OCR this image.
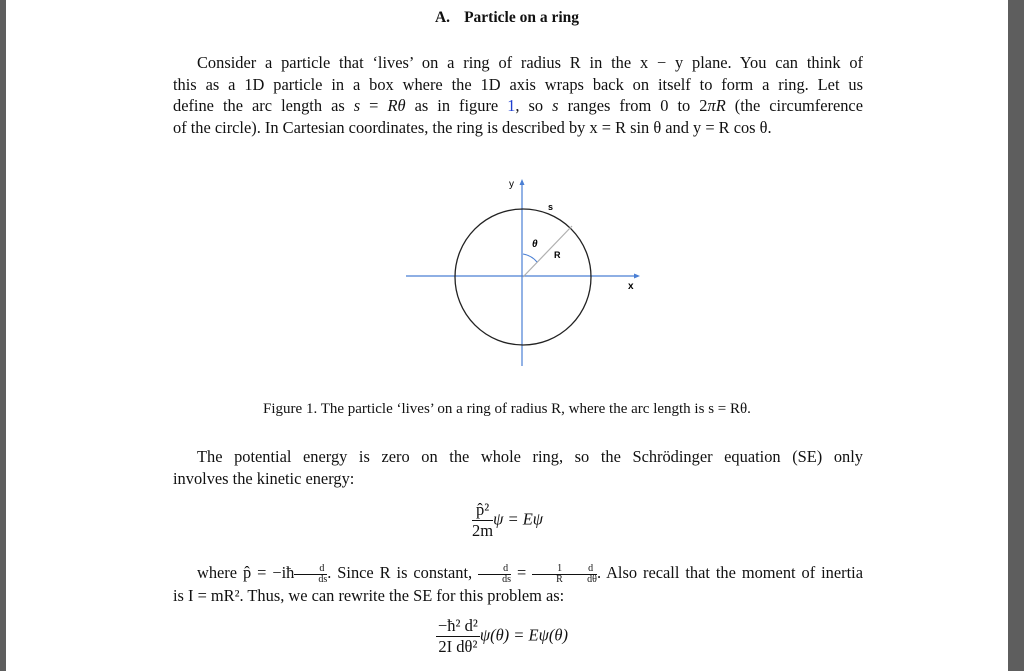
A. Particle on a ring
Consider a particle that ‘lives’ on a ring of radius R in the x − y plane. You can think of
this as a 1D particle in a box where the 1D axis wraps back on itself to form a ring. Let us
define the arc length as s = Rθ as in figure 1, so s ranges from 0 to 2πR (the circumference
of the circle). In Cartesian coordinates, the ring is described by x = R sin θ and y = R cos θ.
y
x
s
θ
R
Figure 1. The particle ‘lives’ on a ring of radius R, where the arc length is s = Rθ.
The potential energy is zero on the whole ring, so the Schrödinger equation (SE) only
involves the kinetic energy:
$\frac{\text{p̂²}}{2m}$ ψ = Eψ
where p̂ = −iħ $\frac{d}{ds}$ . Since R is constant, $\frac{d}{ds} = \frac{1}{R} \frac{d}{d\theta}$ . Also recall that the moment of inertia
is I = mR². Thus, we can rewrite the SE for this problem as:
$\frac{\text{−ħ² d²}}{\text{2I dθ²}} \psi(\theta) = E\psi(\theta)$
